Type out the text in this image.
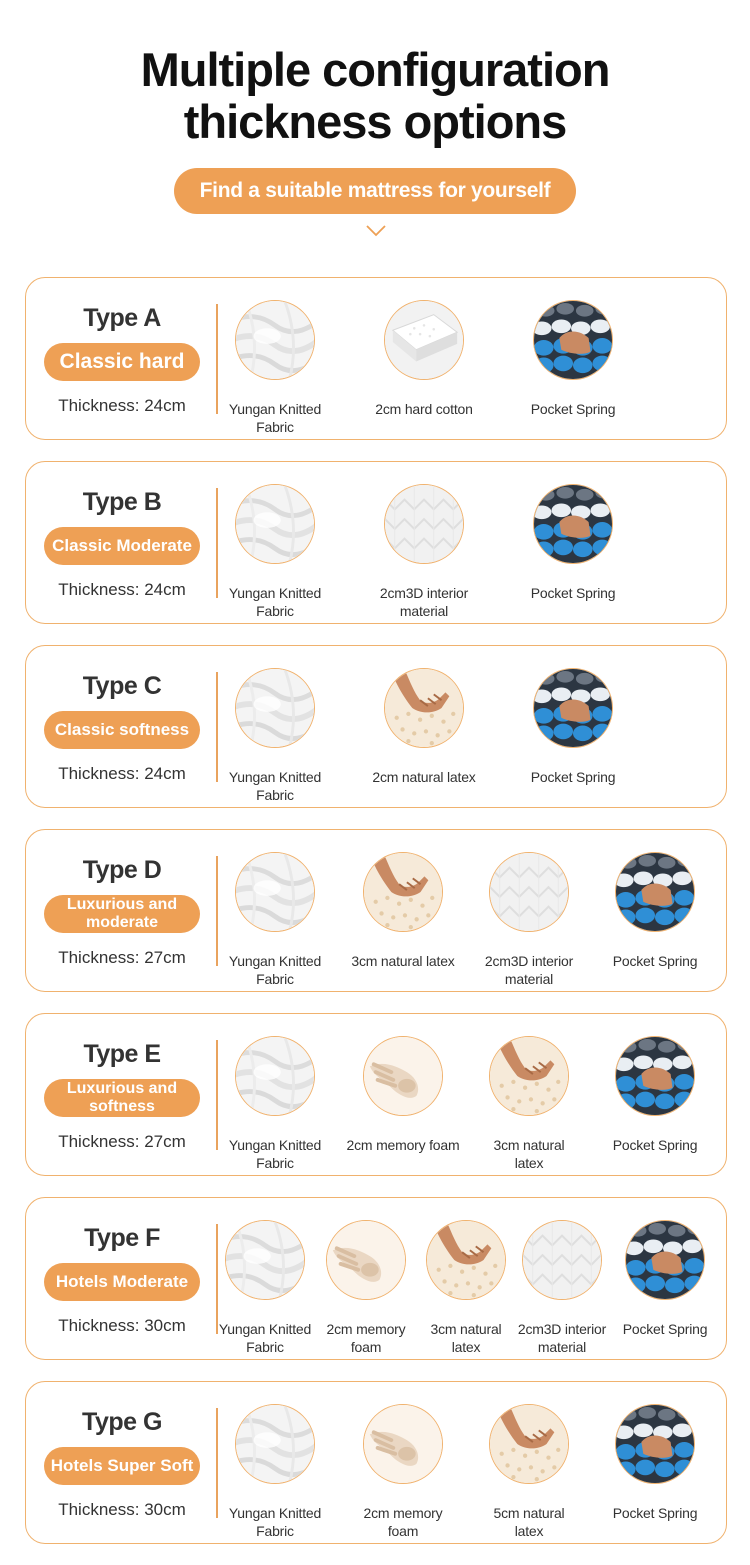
Multiple configuration
thickness options
Find a suitable mattress for yourself
Type A
Classic hard
Thickness: 24cm	Yungan Knitted
Fabric
2cm hard cotton	Pocket Spring
Type B
Classic Moderate
Thickness: 24cm	Yungan Knitted
Fabric
2cm3D interior
material
Pocket Spring
Type C
Classic softness
Thickness: 24cm	Yungan Knitted
Fabric
2cm natural latex	Pocket Spring
Type D
Luxurious and moderate
Thickness: 27cm	Yungan Knitted
Fabric
3cm natural latex	2cm3D interior
material
Pocket Spring
Type E
Luxurious and softness
Thickness: 27cm	Yungan Knitted
Fabric
2cm memory foam	3cm natural
latex
Pocket Spring
Type F
Hotels Moderate
Thickness: 30cm	Yungan Knitted
Fabric
2cm memory
foam
3cm natural
latex
2cm3D interior
material
Pocket Spring
Type G
Hotels Super Soft
Thickness: 30cm	Yungan Knitted
Fabric
2cm memory
foam
5cm natural
latex
Pocket Spring
